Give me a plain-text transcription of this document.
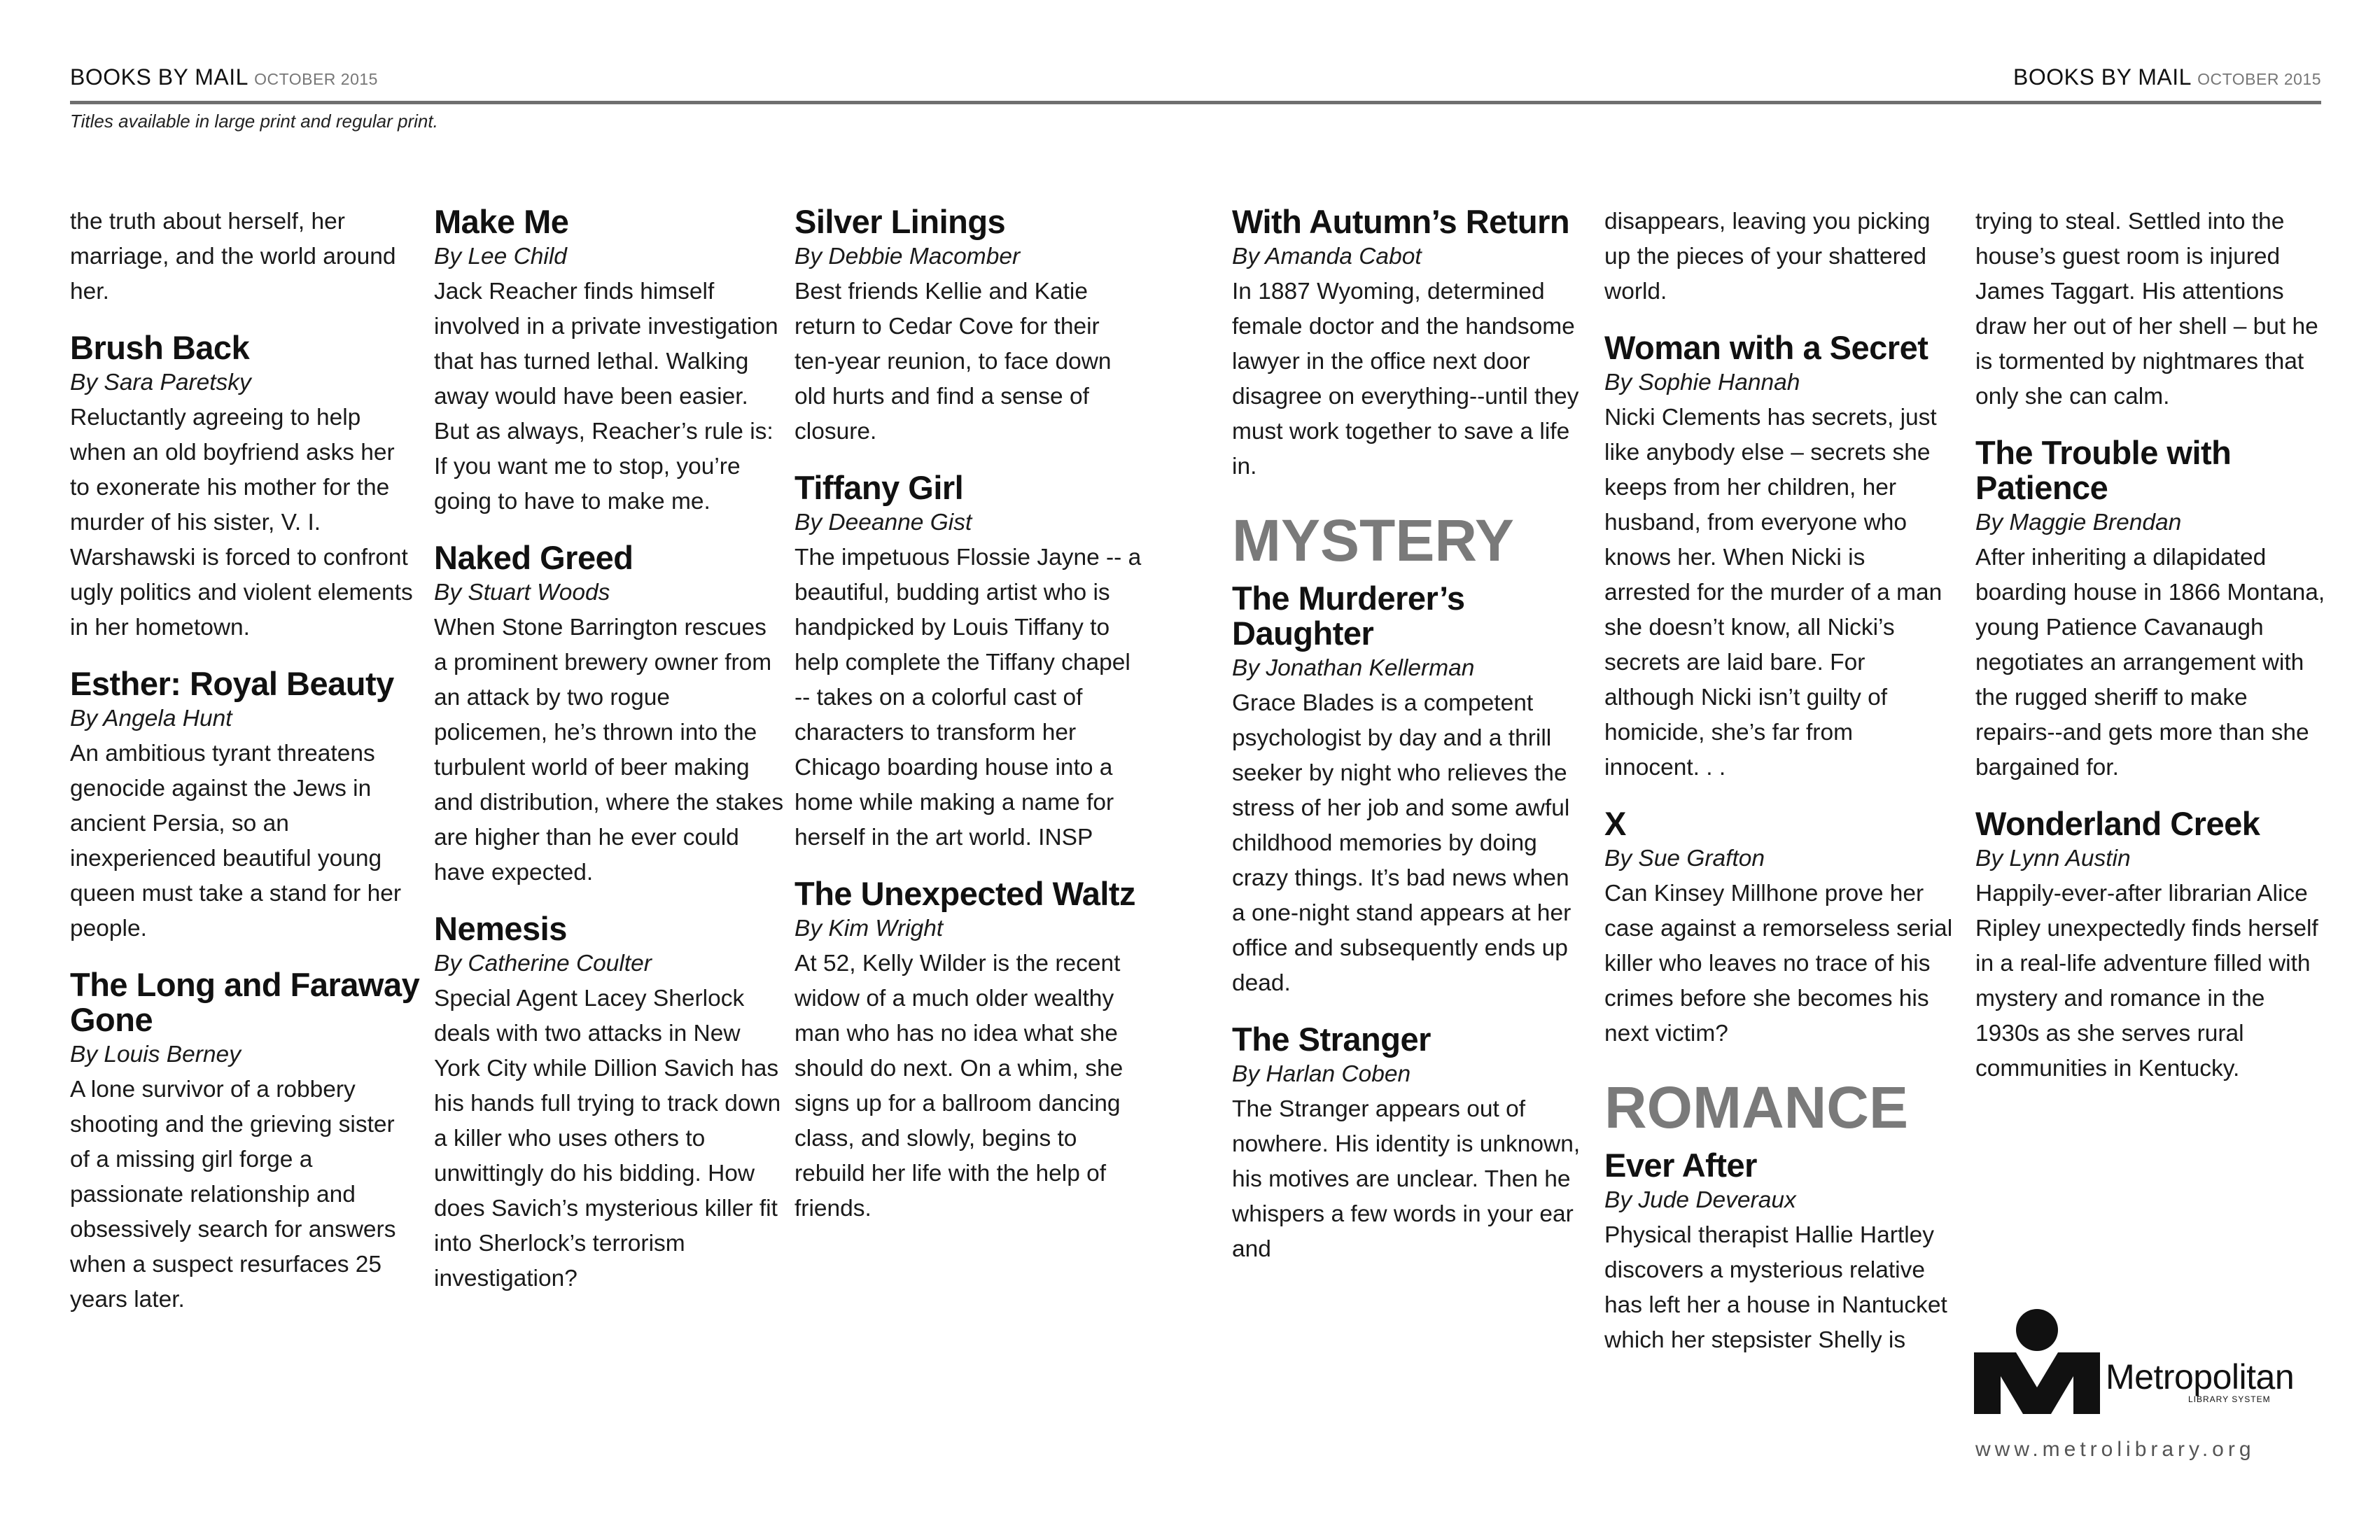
BOOKS BY MAIL OCTOBER 2015
Titles available in large print and regular print.
the truth about herself, her marriage, and the world around her.
Brush Back
By Sara Paretsky
Reluctantly agreeing to help when an old boyfriend asks her to exonerate his mother for the murder of his sister, V. I. Warshawski is forced to confront ugly politics and violent elements in her hometown.
Esther: Royal Beauty
By Angela Hunt
An ambitious tyrant threatens genocide against the Jews in ancient Persia, so an inexperienced beautiful young queen must take a stand for her people.
The Long and Faraway Gone
By Louis Berney
A lone survivor of a robbery shooting and the grieving sister of a missing girl forge a passionate relationship and obsessively search for answers when a suspect resurfaces 25 years later.
Make Me
By Lee Child
Jack Reacher finds himself involved in a private investigation that has turned lethal. Walking away would have been easier. But as always, Reacher’s rule is: If you want me to stop, you’re going to have to make me.
Naked Greed
By Stuart Woods
When Stone Barrington rescues a prominent brewery owner from an attack by two rogue policemen, he’s thrown into the turbulent world of beer making and distribution, where the stakes are higher than he ever could have expected.
Nemesis
By Catherine Coulter
Special Agent Lacey Sherlock deals with two attacks in New York City while Dillion Savich has his hands full trying to track down a killer who uses others to unwittingly do his bidding. How does Savich’s mysterious killer fit into Sherlock’s terrorism investigation?
Silver Linings
By Debbie Macomber
Best friends Kellie and Katie return to Cedar Cove for their ten-year reunion, to face down old hurts and find a sense of closure.
Tiffany Girl
By Deeanne Gist
The impetuous Flossie Jayne -- a beautiful, budding artist who is handpicked by Louis Tiffany to help complete the Tiffany chapel -- takes on a colorful cast of characters to transform her Chicago boarding house into a home while making a name for herself in the art world. INSP
The Unexpected Waltz
By Kim Wright
At 52, Kelly Wilder is the recent widow of a much older wealthy man who has no idea what she should do next. On a whim, she signs up for a ballroom dancing class, and slowly, begins to rebuild her life with the help of friends.
BOOKS BY MAIL OCTOBER 2015
With Autumn’s Return
By Amanda Cabot
In 1887 Wyoming, determined female doctor and the handsome lawyer in the office next door disagree on everything--until they must work together to save a life in.
MYSTERY
The Murderer’s Daughter
By Jonathan Kellerman
Grace Blades is a competent psychologist by day and a thrill seeker by night who relieves the stress of her job and some awful childhood memories by doing crazy things. It’s bad news when a one-night stand appears at her office and subsequently ends up dead.
The Stranger
By Harlan Coben
The Stranger appears out of nowhere. His identity is unknown, his motives are unclear. Then he whispers a few words in your ear and
disappears, leaving you picking up the pieces of your shattered world.
Woman with a Secret
By Sophie Hannah
Nicki Clements has secrets, just like anybody else – secrets she keeps from her children, her husband, from everyone who knows her. When Nicki is arrested for the murder of a man she doesn’t know, all Nicki’s secrets are laid bare. For although Nicki isn’t guilty of homicide, she’s far from innocent. . .
X
By Sue Grafton
Can Kinsey Millhone prove her case against a remorseless serial killer who leaves no trace of his crimes before she becomes his next victim?
ROMANCE
Ever After
By Jude Deveraux
Physical therapist Hallie Hartley discovers a mysterious relative has left her a house in Nantucket which her stepsister Shelly is
trying to steal. Settled into the house’s guest room is injured James Taggart. His attentions draw her out of her shell – but he is tormented by nightmares that only she can calm.
The Trouble with Patience
By Maggie Brendan
After inheriting a dilapidated boarding house in 1866 Montana, young Patience Cavanaugh negotiates an arrangement with the rugged sheriff to make repairs--and gets more than she bargained for.
Wonderland Creek
By Lynn Austin
Happily-ever-after librarian Alice Ripley unexpectedly finds herself in a real-life adventure filled with mystery and romance in the 1930s as she serves rural communities in Kentucky.
Metropolitan
LIBRARY SYSTEM
www.metrolibrary.org
